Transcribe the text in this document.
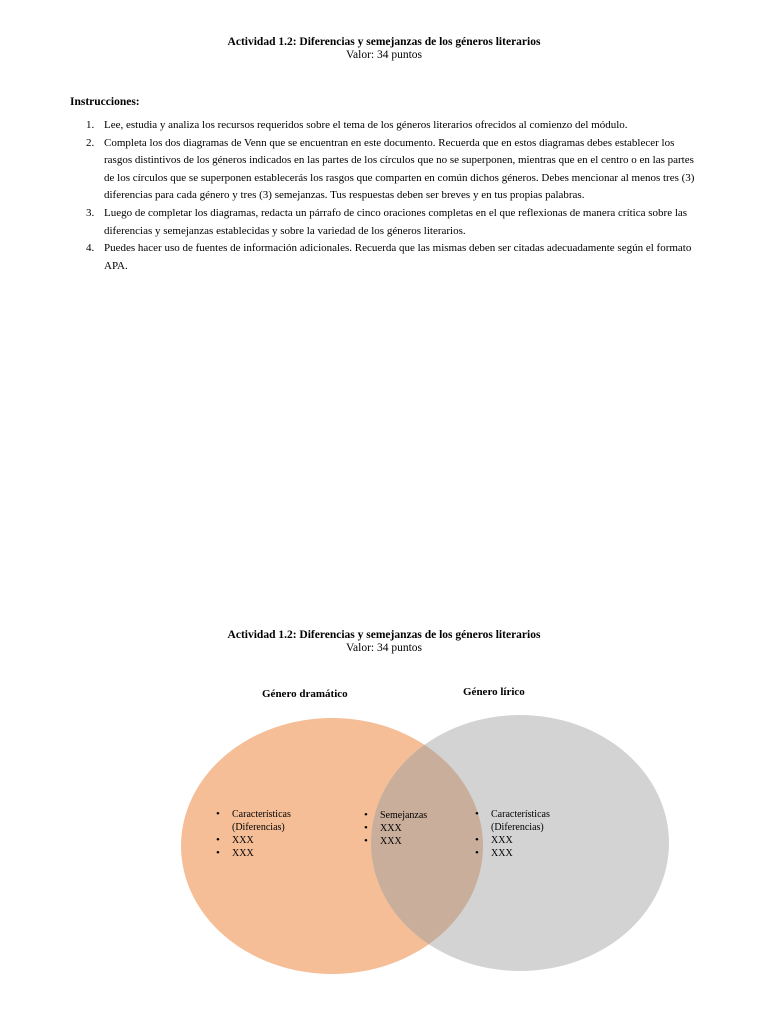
Actividad 1.2: Diferencias y semejanzas de los géneros literarios
Valor: 34 puntos
Instrucciones:
1. Lee, estudia y analiza los recursos requeridos sobre el tema de los géneros literarios ofrecidos al comienzo del módulo.
2. Completa los dos diagramas de Venn que se encuentran en este documento. Recuerda que en estos diagramas debes establecer los rasgos distintivos de los géneros indicados en las partes de los círculos que no se superponen, mientras que en el centro o en las partes de los círculos que se superponen establecerás los rasgos que comparten en común dichos géneros. Debes mencionar al menos tres (3) diferencias para cada género y tres (3) semejanzas. Tus respuestas deben ser breves y en tus propias palabras.
3. Luego de completar los diagramas, redacta un párrafo de cinco oraciones completas en el que reflexionas de manera crítica sobre las diferencias y semejanzas establecidas y sobre la variedad de los géneros literarios.
4. Puedes hacer uso de fuentes de información adicionales. Recuerda que las mismas deben ser citadas adecuadamente según el formato APA.
Actividad 1.2: Diferencias y semejanzas de los géneros literarios
Valor: 34 puntos
Género dramático	Género lírico
• Características (Diferencias)
• XXX
• XXX
• Semejanzas
• XXX
• XXX
• Características (Diferencias)
• XXX
• XXX
